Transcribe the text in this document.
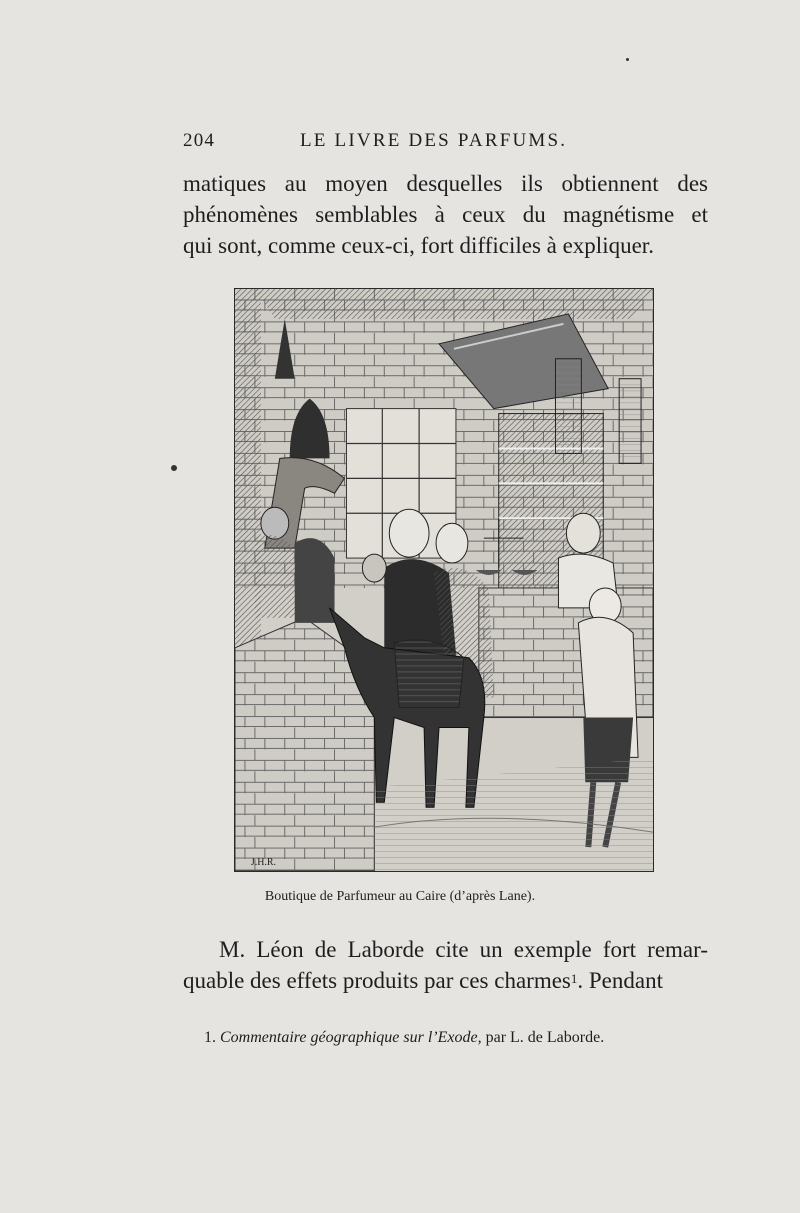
204	LE LIVRE DES PARFUMS.

matiques au moyen desquelles ils obtiennent des
phénomènes semblables à ceux du magnétisme et
qui sont, comme ceux-ci, fort difficiles à expliquer.

J.H.R.
Boutique de Parfumeur au Caire (d’après Lane).

M. Léon de Laborde cite un exemple fort remar-
quable des effets produits par ces charmes$^1$. Pendant

1. Commentaire géographique sur l’Exode, par L. de Laborde.
